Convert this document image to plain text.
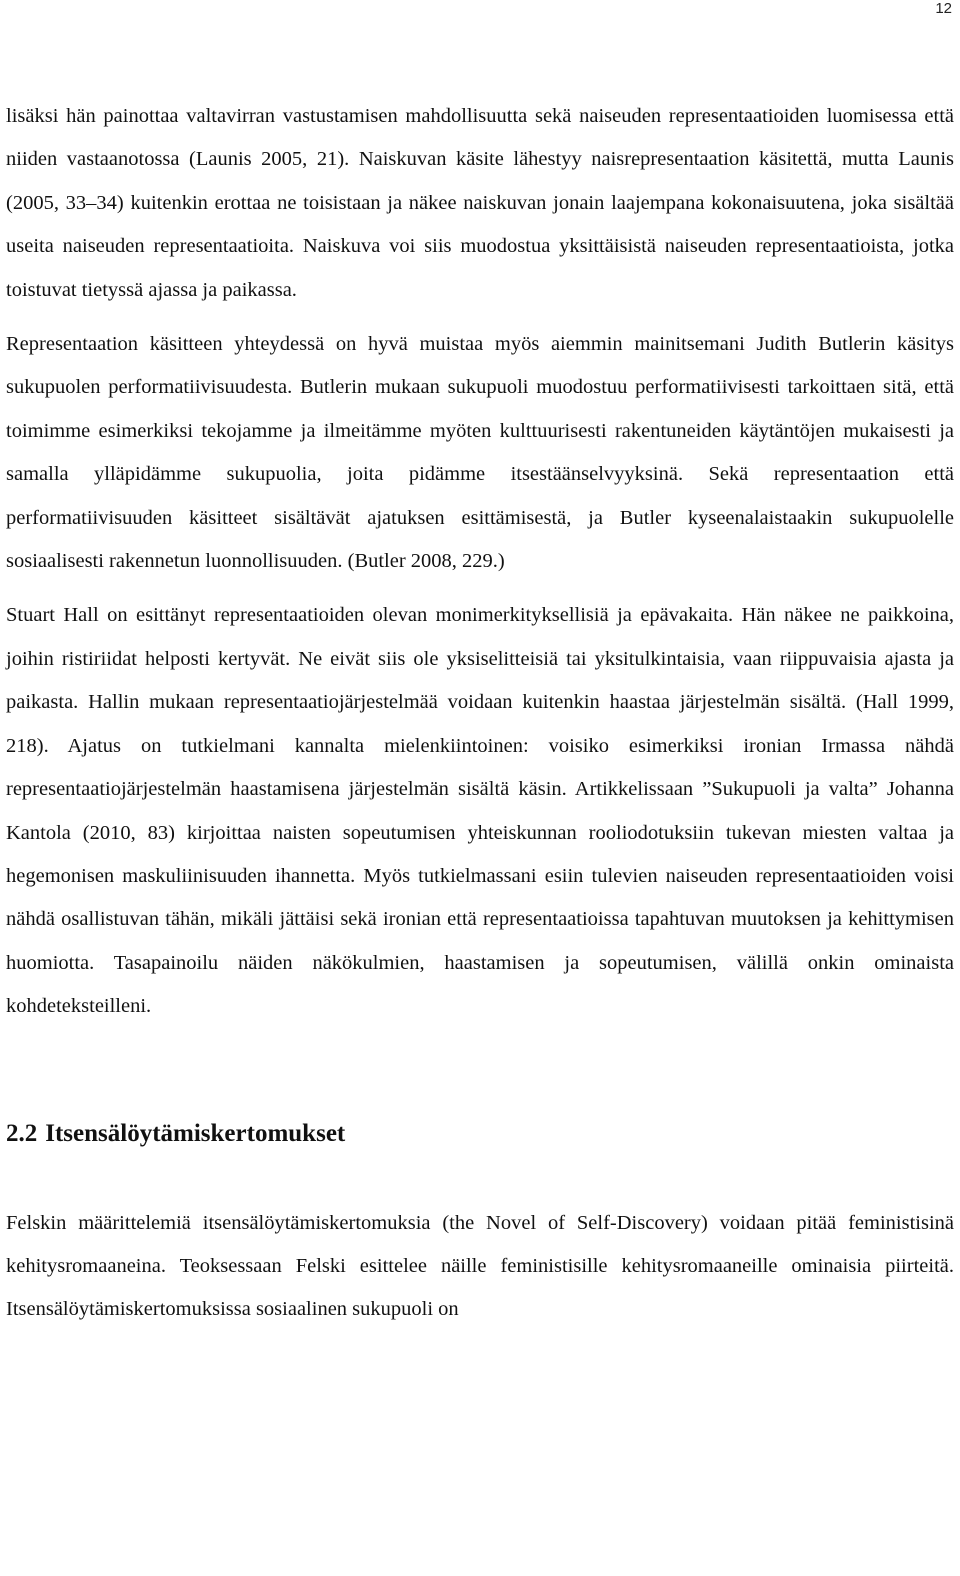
12

lisäksi hän painottaa valtavirran vastustamisen mahdollisuutta sekä naiseuden representaatioiden luomisessa että niiden vastaanotossa (Launis 2005, 21). Naiskuvan käsite lähestyy naisrepresentaation käsitettä, mutta Launis (2005, 33–34) kuitenkin erottaa ne toisistaan ja näkee naiskuvan jonain laajempana kokonaisuutena, joka sisältää useita naiseuden representaatioita. Naiskuva voi siis muodostua yksittäisistä naiseuden representaatioista, jotka toistuvat tietyssä ajassa ja paikassa.

Representaation käsitteen yhteydessä on hyvä muistaa myös aiemmin mainitsemani Judith Butlerin käsitys sukupuolen performatiivisuudesta. Butlerin mukaan sukupuoli muodostuu performatiivisesti tarkoittaen sitä, että toimimme esimerkiksi tekojamme ja ilmeitämme myöten kulttuurisesti rakentuneiden käytäntöjen mukaisesti ja samalla ylläpidämme sukupuolia, joita pidämme itsestäänselvyyksinä. Sekä representaation että performatiivisuuden käsitteet sisältävät ajatuksen esittämisestä, ja Butler kyseenalaistaakin sukupuolelle sosiaalisesti rakennetun luonnollisuuden. (Butler 2008, 229.)

Stuart Hall on esittänyt representaatioiden olevan monimerkityksellisiä ja epävakaita. Hän näkee ne paikkoina, joihin ristiriidat helposti kertyvät. Ne eivät siis ole yksiselitteisiä tai yksitulkintaisia, vaan riippuvaisia ajasta ja paikasta. Hallin mukaan representaatiojärjestelmää voidaan kuitenkin haastaa järjestelmän sisältä. (Hall 1999, 218). Ajatus on tutkielmani kannalta mielenkiintoinen: voisiko esimerkiksi ironian Irmassa nähdä representaatiojärjestelmän haastamisena järjestelmän sisältä käsin. Artikkelissaan ”Sukupuoli ja valta” Johanna Kantola (2010, 83) kirjoittaa naisten sopeutumisen yhteiskunnan rooliodotuksiin tukevan miesten valtaa ja hegemonisen maskuliinisuuden ihannetta. Myös tutkielmassani esiin tulevien naiseuden representaatioiden voisi nähdä osallistuvan tähän, mikäli jättäisi sekä ironian että representaatioissa tapahtuvan muutoksen ja kehittymisen huomiotta. Tasapainoilu näiden näkökulmien, haastamisen ja sopeutumisen, välillä onkin ominaista kohdeteksteilleni.

2.2 Itsensälöytämiskertomukset

Felskin määrittelemiä itsensälöytämiskertomuksia (the Novel of Self-Discovery) voidaan pitää feministisinä kehitysromaaneina. Teoksessaan Felski esittelee näille feministisille kehitysromaaneille ominaisia piirteitä. Itsensälöytämiskertomuksissa sosiaalinen sukupuoli on
